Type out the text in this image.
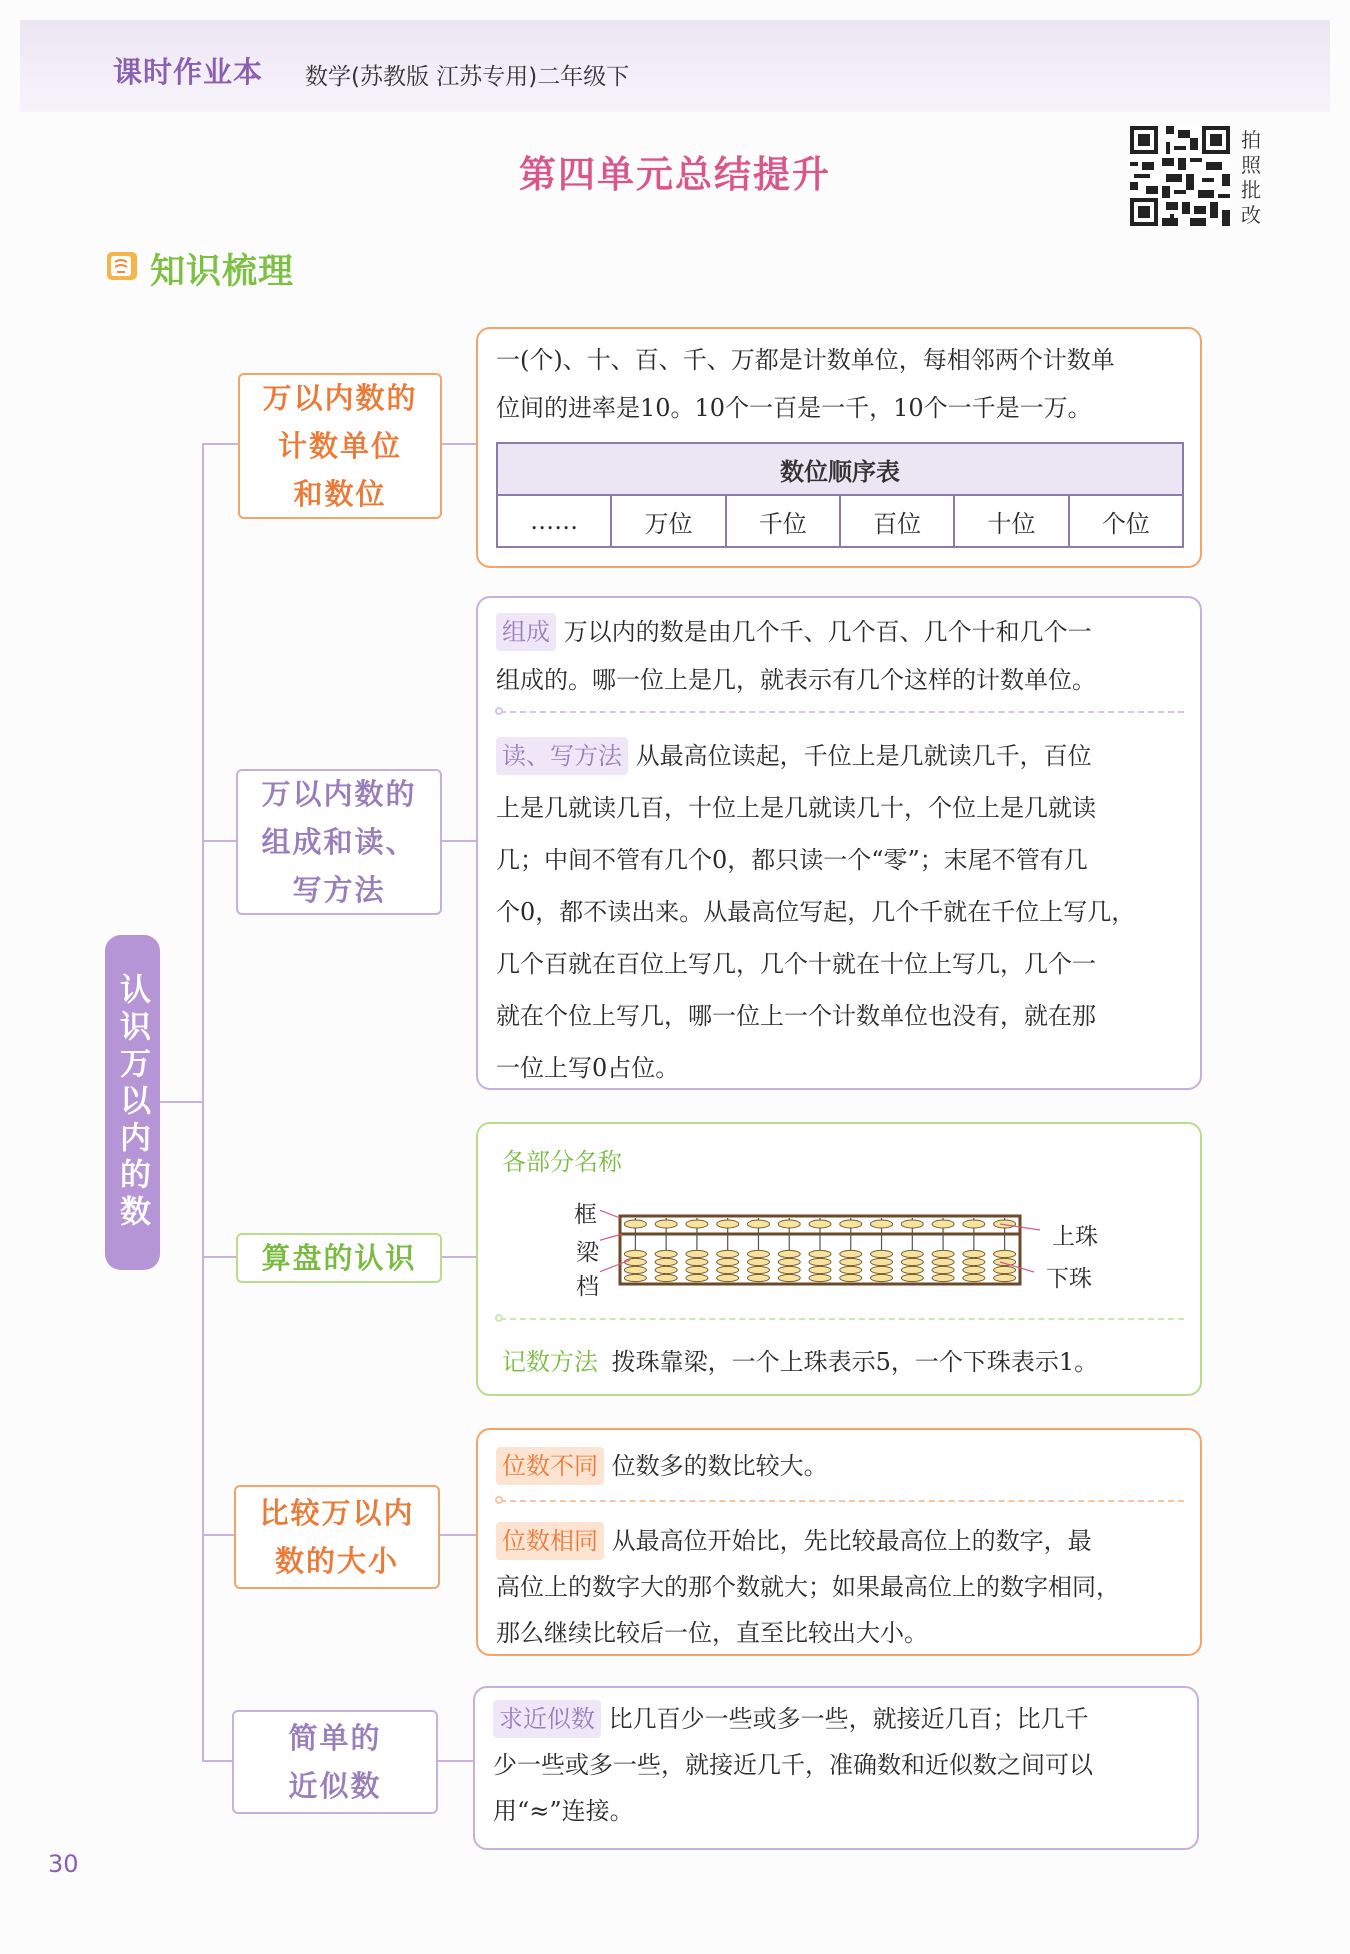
课时作业本 数学(苏教版 江苏专用)二年级下
第四单元总结提升
拍
照
批
改
知识梳理
认识万以内的数
万以内数的
计数单位
和数位
一(个)、十、百、千、万都是计数单位，每相邻两个计数单
位间的进率是10。10个一百是一千，10个一千是一万。
数位顺序表
……	万位	千位	百位	十位	个位
万以内数的
组成和读、
写方法
组成 万以内的数是由几个千、几个百、几个十和几个一
组成的。哪一位上是几，就表示有几个这样的计数单位。
读、写方法 从最高位读起，千位上是几就读几千，百位
上是几就读几百，十位上是几就读几十，个位上是几就读
几；中间不管有几个0，都只读一个“零”；末尾不管有几
个0，都不读出来。从最高位写起，几个千就在千位上写几，
几个百就在百位上写几，几个十就在十位上写几，几个一
就在个位上写几，哪一位上一个计数单位也没有，就在那
一位上写0占位。
算盘的认识
各部分名称
框
梁
档
上珠
下珠
记数方法 拨珠靠梁，一个上珠表示5，一个下珠表示1。
比较万以内
数的大小
位数不同 位数多的数比较大。
位数相同 从最高位开始比，先比较最高位上的数字，最
高位上的数字大的那个数就大；如果最高位上的数字相同，
那么继续比较后一位，直至比较出大小。
简单的
近似数
求近似数 比几百少一些或多一些，就接近几百；比几千
少一些或多一些，就接近几千，准确数和近似数之间可以
用“≈”连接。
30
